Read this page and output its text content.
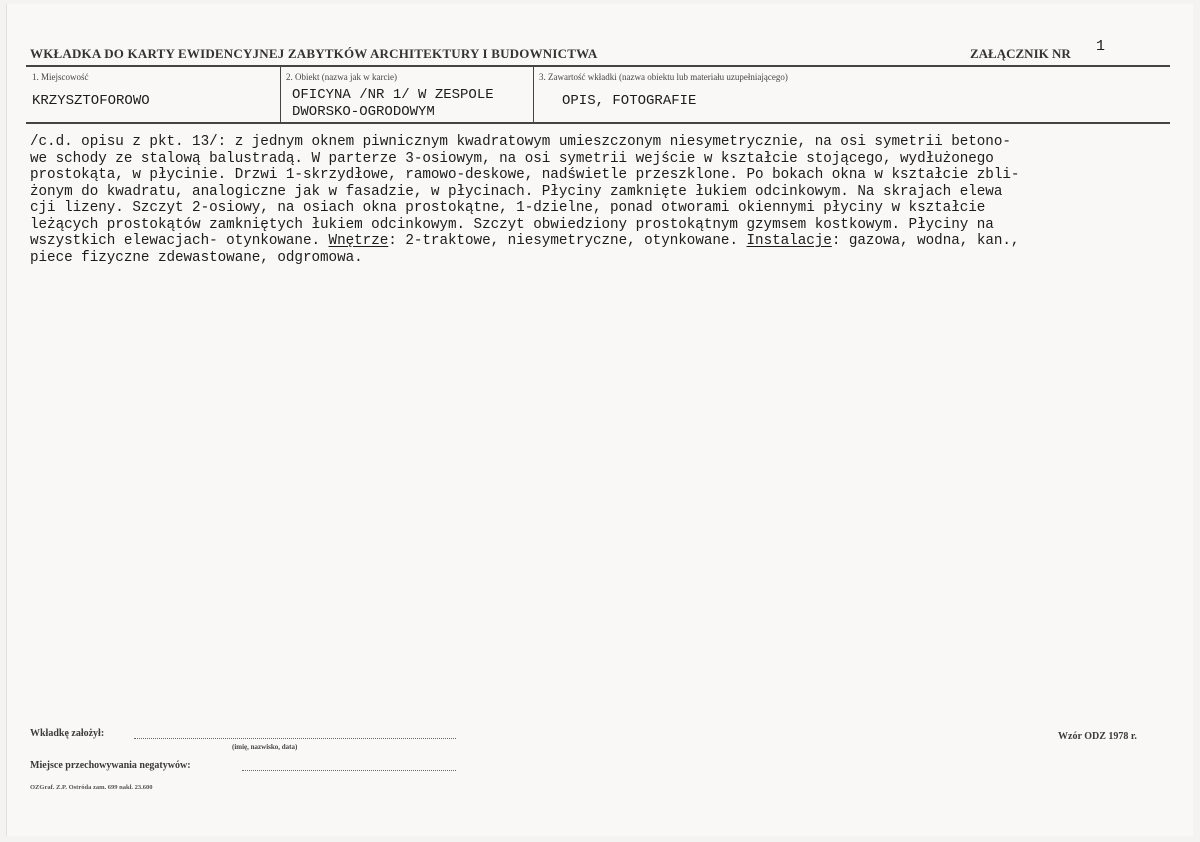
WKŁADKA DO KARTY EWIDENCYJNEJ ZABYTKÓW ARCHITEKTURY I BUDOWNICTWA	ZAŁĄCZNIK NR 1
1. Miejscowość
KRZYSZTOFOROWO
2. Obiekt (nazwa jak w karcie)
OFICYNA /NR 1/ W ZESPOLE
DWORSKO-OGRODOWYM
3. Zawartość wkładki (nazwa obiektu lub materiału uzupełniającego)
OPIS, FOTOGRAFIE
/c.d. opisu z pkt. 13/: z jednym oknem piwnicznym kwadratowym umieszczonym niesymetrycznie, na osi symetrii betono-
we schody ze stalową balustradą. W parterze 3-osiowym, na osi symetrii wejście w kształcie stojącego, wydłużonego
prostokąta, w płycinie. Drzwi 1-skrzydłowe, ramowo-deskowe, nadświetle przeszklone. Po bokach okna w kształcie zbli-
żonym do kwadratu, analogiczne jak w fasadzie, w płycinach. Płyciny zamknięte łukiem odcinkowym. Na skrajach elewa
cji lizeny. Szczyt 2-osiowy, na osiach okna prostokątne, 1-dzielne, ponad otworami okiennymi płyciny w kształcie
leżących prostokątów zamkniętych łukiem odcinkowym. Szczyt obwiedziony prostokątnym gzymsem kostkowym. Płyciny na
wszystkich elewacjach- otynkowane. Wnętrze: 2-traktowe, niesymetryczne, otynkowane. Instalacje: gazowa, wodna, kan.,
piece fizyczne zdewastowane, odgromowa.
Wkładkę założył:
(imię, nazwisko, data)
Miejsce przechowywania negatywów:
OZGraf. Z.P. Ostróda zam. 699 nakł. 23.600
Wzór ODZ 1978 r.
